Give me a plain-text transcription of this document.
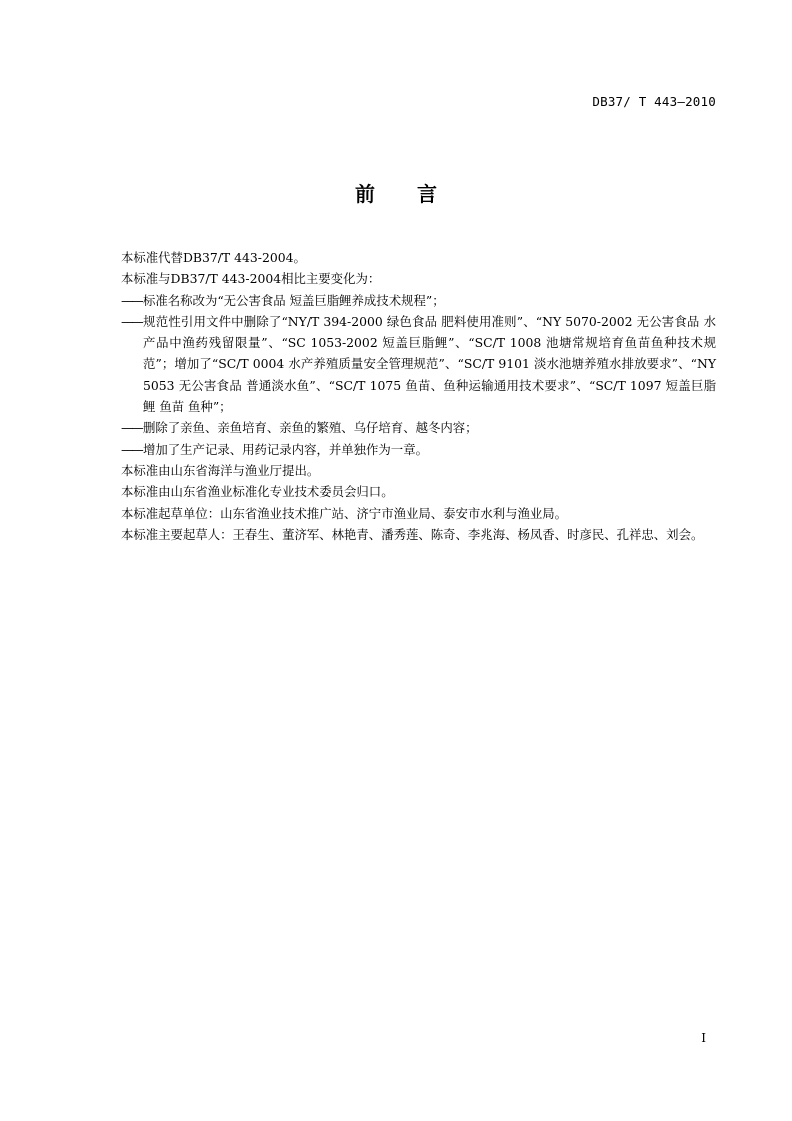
DB37/ T 443—2010
前 言

本标准代替DB37/T 443-2004。

本标准与DB37/T 443-2004相比主要变化为：

——标准名称改为“无公害食品 短盖巨脂鲤养成技术规程”；

——规范性引用文件中删除了“NY/T 394-2000 绿色食品 肥料使用准则”、“NY 5070-2002 无公害食品 水产品中渔药残留限量”、“SC 1053-2002 短盖巨脂鲤”、“SC/T 1008 池塘常规培育鱼苗鱼种技术规范”；增加了“SC/T 0004 水产养殖质量安全管理规范”、“SC/T 9101 淡水池塘养殖水排放要求”、“NY 5053 无公害食品 普通淡水鱼”、“SC/T 1075 鱼苗、鱼种运输通用技术要求”、“SC/T 1097 短盖巨脂鲤 鱼苗 鱼种”；

——删除了亲鱼、亲鱼培育、亲鱼的繁殖、乌仔培育、越冬内容；

——增加了生产记录、用药记录内容，并单独作为一章。

本标准由山东省海洋与渔业厅提出。

本标准由山东省渔业标准化专业技术委员会归口。

本标准起草单位：山东省渔业技术推广站、济宁市渔业局、泰安市水利与渔业局。

本标准主要起草人：王春生、董济军、林艳青、潘秀莲、陈奇、李兆海、杨凤香、时彦民、孔祥忠、刘会。

I
